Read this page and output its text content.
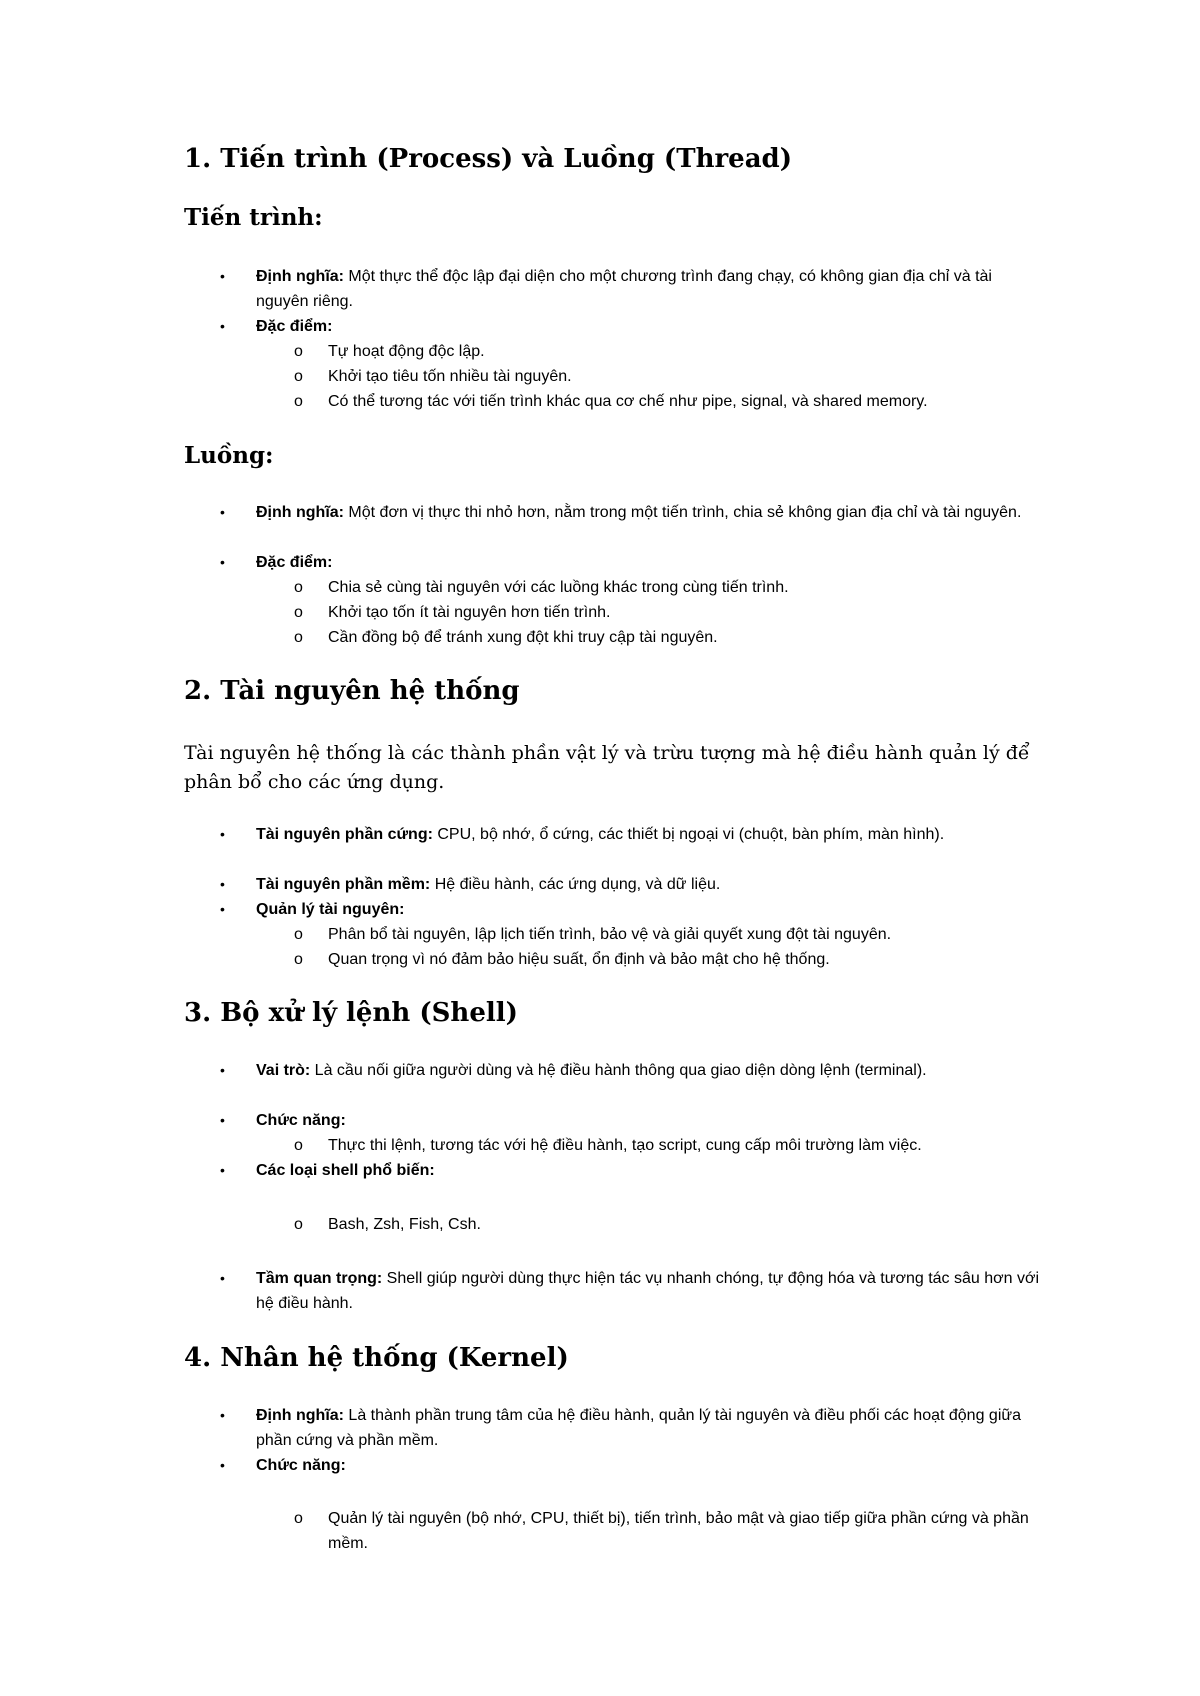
1. Tiến trình (Process) và Luồng (Thread)
Tiến trình:
• Định nghĩa: Một thực thể độc lập đại diện cho một chương trình đang chạy, có không gian địa chỉ và tài nguyên riêng.
• Đặc điểm:
o Tự hoạt động độc lập.
o Khởi tạo tiêu tốn nhiều tài nguyên.
o Có thể tương tác với tiến trình khác qua cơ chế như pipe, signal, và shared memory.
Luồng:
• Định nghĩa: Một đơn vị thực thi nhỏ hơn, nằm trong một tiến trình, chia sẻ không gian địa chỉ và tài nguyên.
• Đặc điểm:
o Chia sẻ cùng tài nguyên với các luồng khác trong cùng tiến trình.
o Khởi tạo tốn ít tài nguyên hơn tiến trình.
o Cần đồng bộ để tránh xung đột khi truy cập tài nguyên.
2. Tài nguyên hệ thống
Tài nguyên hệ thống là các thành phần vật lý và trừu tượng mà hệ điều hành quản lý để phân bổ cho các ứng dụng.
• Tài nguyên phần cứng: CPU, bộ nhớ, ổ cứng, các thiết bị ngoại vi (chuột, bàn phím, màn hình).
• Tài nguyên phần mềm: Hệ điều hành, các ứng dụng, và dữ liệu.
• Quản lý tài nguyên:
o Phân bổ tài nguyên, lập lịch tiến trình, bảo vệ và giải quyết xung đột tài nguyên.
o Quan trọng vì nó đảm bảo hiệu suất, ổn định và bảo mật cho hệ thống.
3. Bộ xử lý lệnh (Shell)
• Vai trò: Là cầu nối giữa người dùng và hệ điều hành thông qua giao diện dòng lệnh (terminal).
• Chức năng:
o Thực thi lệnh, tương tác với hệ điều hành, tạo script, cung cấp môi trường làm việc.
• Các loại shell phổ biến:
o Bash, Zsh, Fish, Csh.
• Tầm quan trọng: Shell giúp người dùng thực hiện tác vụ nhanh chóng, tự động hóa và tương tác sâu hơn với hệ điều hành.
4. Nhân hệ thống (Kernel)
• Định nghĩa: Là thành phần trung tâm của hệ điều hành, quản lý tài nguyên và điều phối các hoạt động giữa phần cứng và phần mềm.
• Chức năng:
o Quản lý tài nguyên (bộ nhớ, CPU, thiết bị), tiến trình, bảo mật và giao tiếp giữa phần cứng và phần mềm.
